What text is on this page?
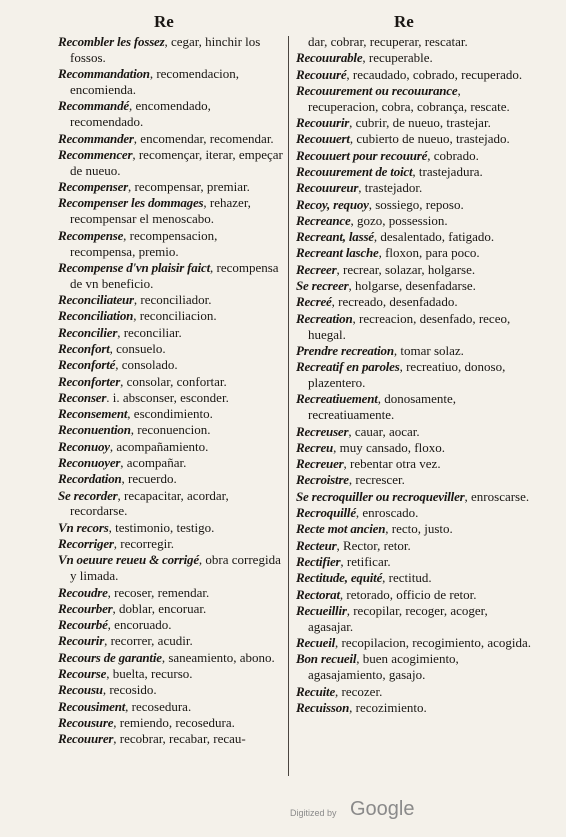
Re	Re
Recombler les fossez, cegar, hinchir los fossos.
Recommandation, recomendacion, encomienda.
Recommandé, encomendado, recomendado.
Recommander, encomendar, recomendar.
Recommencer, recomençar, iterar, empeçar de nueuo.
Recompenser, recompensar, premiar.
Recompenser les dommages, rehazer, recompensar el menoscabo.
Recompense, recompensacion, recompensa, premio.
Recompense d'vn plaisir faict, recompensa de vn beneficio.
Reconciliateur, reconciliador.
Reconciliation, reconciliacion.
Reconcilier, reconciliar.
Reconfort, consuelo.
Reconforté, consolado.
Reconforter, consolar, confortar.
Reconser. i. absconser, esconder.
Reconsement, escondimiento.
Reconuention, reconuencion.
Reconuoy, acompañamiento.
Reconuoyer, acompañar.
Recordation, recuerdo.
Se recorder, recapacitar, acordar, recordarse.
Vn recors, testimonio, testigo.
Recorriger, recorregir.
Vn oeuure reueu & corrigé, obra corregida y limada.
Recoudre, recoser, remendar.
Recourber, doblar, encoruar.
Recourbé, encoruado.
Recourir, recorrer, acudir.
Recours de garantie, saneamiento, abono.
Recourse, buelta, recurso.
Recousu, recosido.
Recousiment, recosedura.
Recousure, remiendo, recosedura.
Recouurer, recobrar, recabar, recau-
dar, cobrar, recuperar, rescatar.
Recouurable, recuperable.
Recouuré, recaudado, cobrado, recuperado.
Recouurement ou recouurance, recuperacion, cobra, cobrança, rescate.
Recouurir, cubrir, de nueuo, trastejar.
Recouuert, cubierto de nueuo, trastejado.
Recouuert pour recouuré, cobrado.
Recouurement de toict, trastejadura.
Recouureur, trastejador.
Recoy, requoy, sossiego, reposo.
Recreance, gozo, possession.
Recreant, lassé, desalentado, fatigado.
Recreant lasche, floxon, para poco.
Recreer, recrear, solazar, holgarse.
Se recreer, holgarse, desenfadarse.
Recreé, recreado, desenfadado.
Recreation, recreacion, desenfado, receo, huegal.
Prendre recreation, tomar solaz.
Recreatif en paroles, recreatiuo, donoso, plazentero.
Recreatiuement, donosamente, recreatiuamente.
Recreuser, cauar, aocar.
Recreu, muy cansado, floxo.
Recreuer, rebentar otra vez.
Recroistre, recrescer.
Se recroquiller ou recroqueviller, enroscarse.
Recroquillé, enroscado.
Recte mot ancien, recto, justo.
Recteur, Rector, retor.
Rectifier, retificar.
Rectitude, equité, rectitud.
Rectorat, retorado, officio de retor.
Recueillir, recopilar, recoger, acoger, agasajar.
Recueil, recopilacion, recogimiento, acogida.
Bon recueil, buen acogimiento, agasajamiento, gasajo.
Recuite, recozer.
Recuisson, recozimiento.
Digitized by Google
